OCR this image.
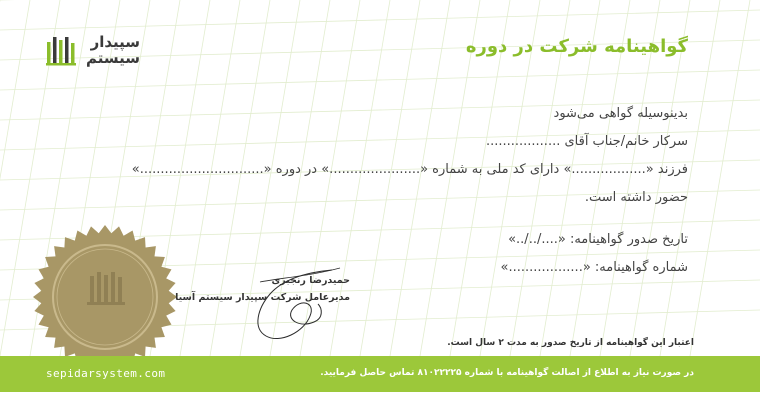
سپیدار
سیستم
گواهینامه شرکت در دوره
بدینوسیله گواهی می‌شود
سرکار خانم/جناب آقای ..................
فرزند «..................» دارای کد ملی به شماره «......................» در دوره «..............................»
حضور داشته است.
تاریخ صدور گواهینامه: «..../../..»
شماره گواهینامه: «..................»
حمیدرضا رنجبری
مدیرعامل شرکت سپیدار سیستم آسیا
اعتبار این گواهینامه از تاریخ صدور به مدت ۲ سال است.
sepidarsystem.com	در صورت نیاز به اطلاع از اصالت گواهینامه با شماره ۸۱۰۲۲۲۲۵ تماس حاصل فرمایید.
